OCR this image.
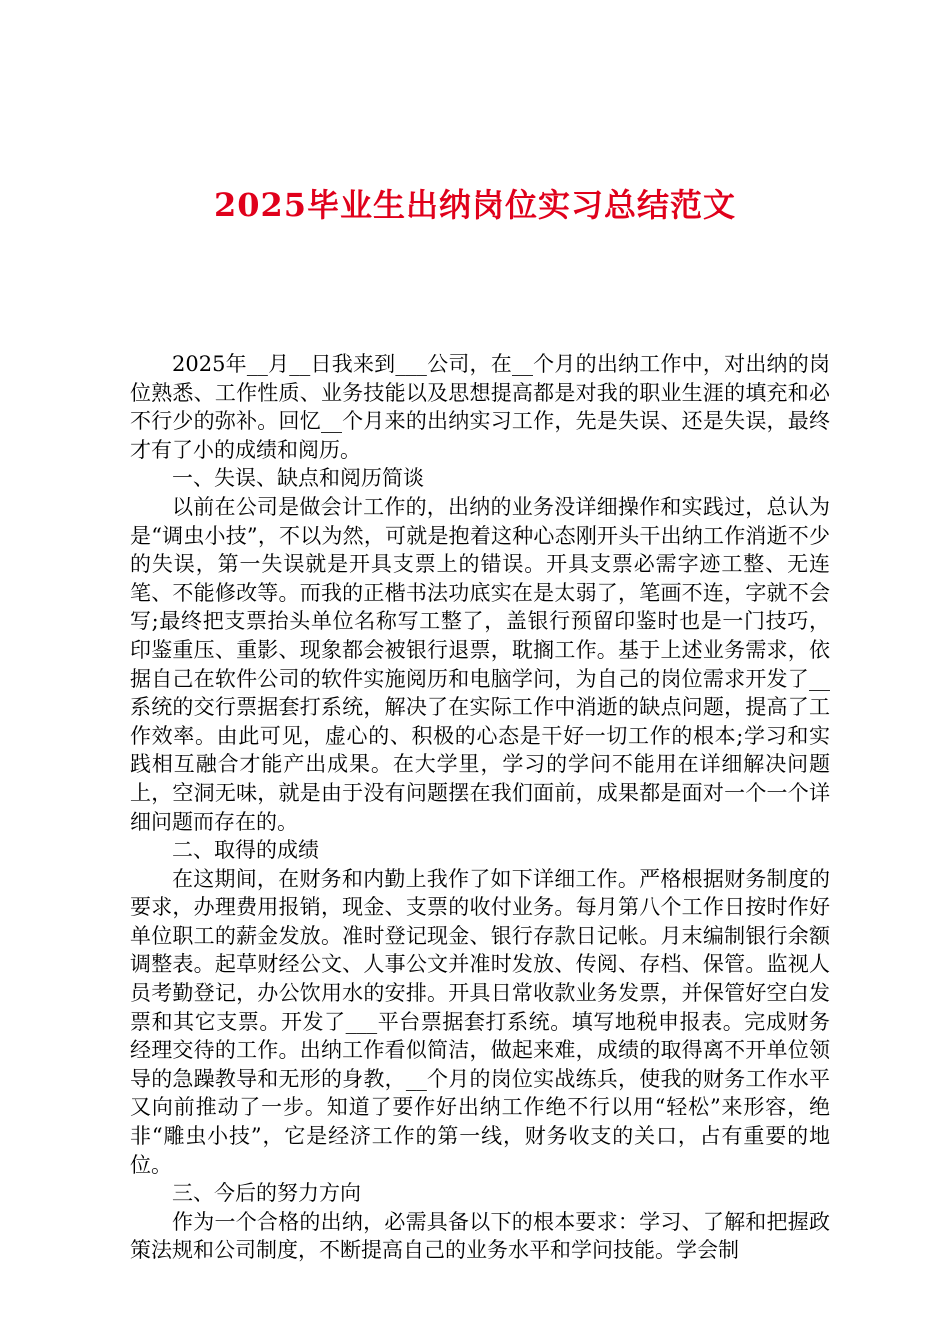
2025毕业生出纳岗位实习总结范文

2025年__月__日我来到___公司，在__个月的出纳工作中，对出纳的岗位熟悉、工作性质、业务技能以及思想提高都是对我的职业生涯的填充和必不行少的弥补。回忆__个月来的出纳实习工作，先是失误、还是失误，最终才有了小的成绩和阅历。

一、失误、缺点和阅历简谈

以前在公司是做会计工作的，出纳的业务没详细操作和实践过，总认为是“调虫小技”，不以为然，可就是抱着这种心态刚开头干出纳工作消逝不少的失误，第一失误就是开具支票上的错误。开具支票必需字迹工整、无连笔、不能修改等。而我的正楷书法功底实在是太弱了，笔画不连，字就不会写;最终把支票抬头单位名称写工整了，盖银行预留印鉴时也是一门技巧，印鉴重压、重影、现象都会被银行退票，耽搁工作。基于上述业务需求，依据自己在软件公司的软件实施阅历和电脑学问，为自己的岗位需求开发了__系统的交行票据套打系统，解决了在实际工作中消逝的缺点问题，提高了工作效率。由此可见，虚心的、积极的心态是干好一切工作的根本;学习和实践相互融合才能产出成果。在大学里，学习的学问不能用在详细解决问题上，空洞无味，就是由于没有问题摆在我们面前，成果都是面对一个一个详细问题而存在的。

二、取得的成绩

在这期间，在财务和内勤上我作了如下详细工作。严格根据财务制度的要求，办理费用报销，现金、支票的收付业务。每月第八个工作日按时作好单位职工的薪金发放。准时登记现金、银行存款日记帐。月末编制银行余额调整表。起草财经公文、人事公文并准时发放、传阅、存档、保管。监视人员考勤登记，办公饮用水的安排。开具日常收款业务发票，并保管好空白发票和其它支票。开发了___平台票据套打系统。填写地税申报表。完成财务经理交待的工作。出纳工作看似简洁，做起来难，成绩的取得离不开单位领导的急躁教导和无形的身教，__个月的岗位实战练兵，使我的财务工作水平又向前推动了一步。知道了要作好出纳工作绝不行以用“轻松”来形容，绝非“雕虫小技”，它是经济工作的第一线，财务收支的关口，占有重要的地位。

三、今后的努力方向

作为一个合格的出纳，必需具备以下的根本要求：学习、了解和把握政策法规和公司制度，不断提高自己的业务水平和学问技能。学会制
